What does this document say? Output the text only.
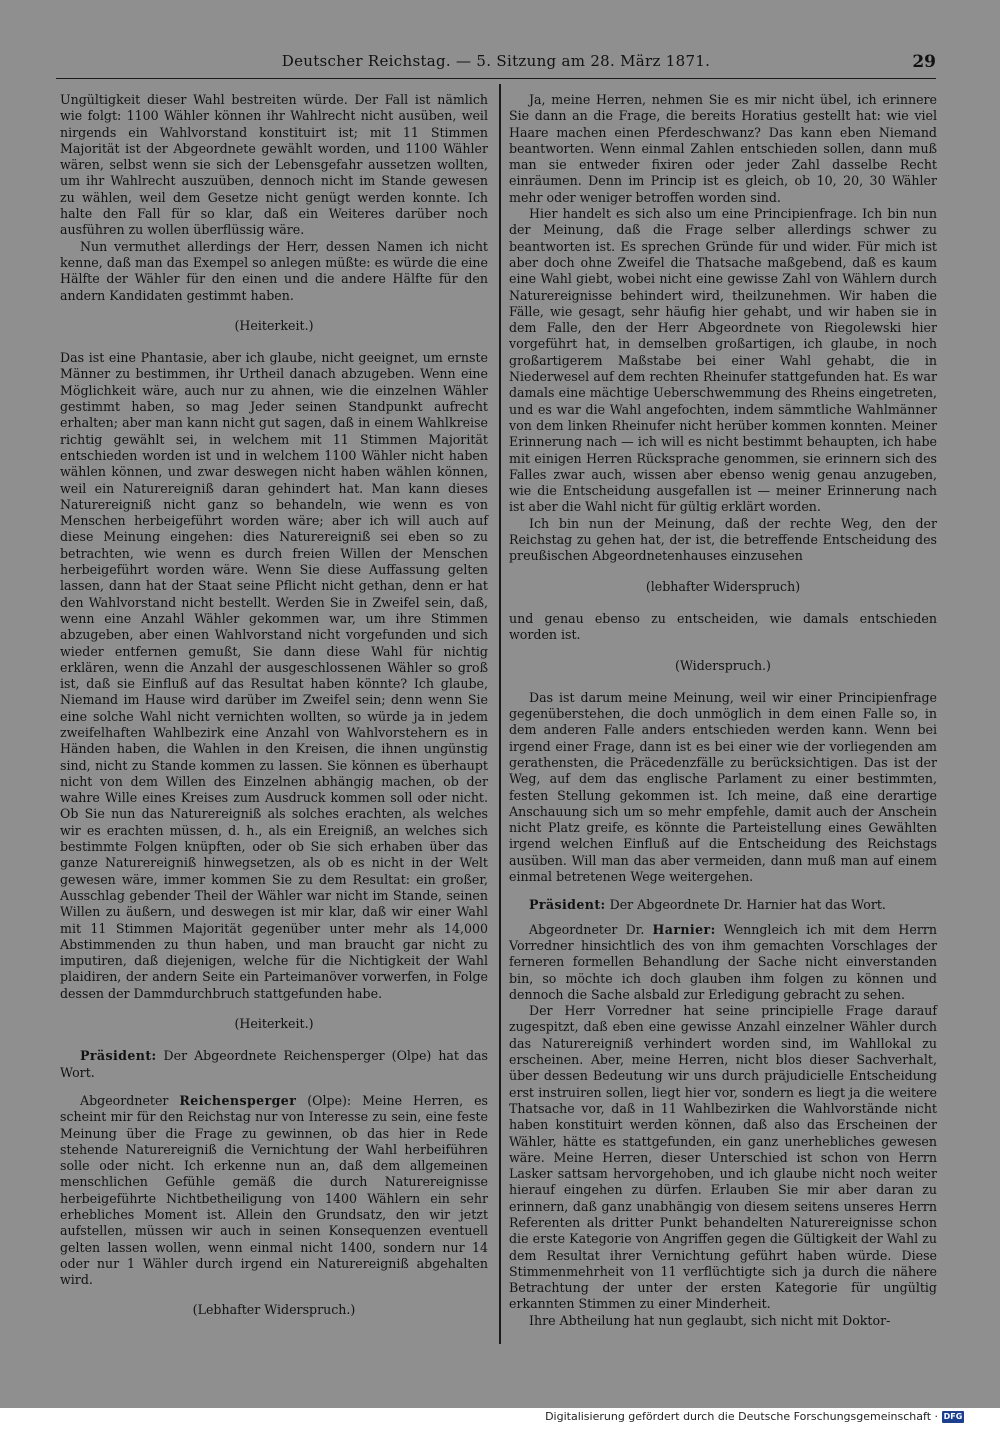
Deutscher Reichstag. — 5. Sitzung am 28. März 1871.	29

Ungültigkeit dieser Wahl bestreiten würde. Der Fall ist nämlich wie folgt: 1100 Wähler können ihr Wahlrecht nicht ausüben, weil nirgends ein Wahlvorstand konstituirt ist; mit 11 Stimmen Majorität ist der Abgeordnete gewählt worden, und 1100 Wähler wären, selbst wenn sie sich der Lebensgefahr aussetzen wollten, um ihr Wahlrecht auszuüben, dennoch nicht im Stande gewesen zu wählen, weil dem Gesetze nicht genügt werden konnte. Ich halte den Fall für so klar, daß ein Weiteres darüber noch ausführen zu wollen überflüssig wäre.

Nun vermuthet allerdings der Herr, dessen Namen ich nicht kenne, daß man das Exempel so anlegen müßte: es würde die eine Hälfte der Wähler für den einen und die andere Hälfte für den andern Kandidaten gestimmt haben.

(Heiterkeit.)

Das ist eine Phantasie, aber ich glaube, nicht geeignet, um ernste Männer zu bestimmen, ihr Urtheil danach abzugeben. Wenn eine Möglichkeit wäre, auch nur zu ahnen, wie die einzelnen Wähler gestimmt haben, so mag Jeder seinen Standpunkt aufrecht erhalten; aber man kann nicht gut sagen, daß in einem Wahlkreise richtig gewählt sei, in welchem mit 11 Stimmen Majorität entschieden worden ist und in welchem 1100 Wähler nicht haben wählen können, und zwar deswegen nicht haben wählen können, weil ein Naturereigniß daran gehindert hat. Man kann dieses Naturereigniß nicht ganz so behandeln, wie wenn es von Menschen herbeigeführt worden wäre; aber ich will auch auf diese Meinung eingehen: dies Naturereigniß sei eben so zu betrachten, wie wenn es durch freien Willen der Menschen herbeigeführt worden wäre. Wenn Sie diese Auffassung gelten lassen, dann hat der Staat seine Pflicht nicht gethan, denn er hat den Wahlvorstand nicht bestellt. Werden Sie in Zweifel sein, daß, wenn eine Anzahl Wähler gekommen war, um ihre Stimmen abzugeben, aber einen Wahlvorstand nicht vorgefunden und sich wieder entfernen gemußt, Sie dann diese Wahl für nichtig erklären, wenn die Anzahl der ausgeschlossenen Wähler so groß ist, daß sie Einfluß auf das Resultat haben könnte? Ich glaube, Niemand im Hause wird darüber im Zweifel sein; denn wenn Sie eine solche Wahl nicht vernichten wollten, so würde ja in jedem zweifelhaften Wahlbezirk eine Anzahl von Wahlvorstehern es in Händen haben, die Wahlen in den Kreisen, die ihnen ungünstig sind, nicht zu Stande kommen zu lassen. Sie können es überhaupt nicht von dem Willen des Einzelnen abhängig machen, ob der wahre Wille eines Kreises zum Ausdruck kommen soll oder nicht. Ob Sie nun das Naturereigniß als solches erachten, als welches wir es erachten müssen, d. h., als ein Ereigniß, an welches sich bestimmte Folgen knüpften, oder ob Sie sich erhaben über das ganze Naturereigniß hinwegsetzen, als ob es nicht in der Welt gewesen wäre, immer kommen Sie zu dem Resultat: ein großer, Ausschlag gebender Theil der Wähler war nicht im Stande, seinen Willen zu äußern, und deswegen ist mir klar, daß wir einer Wahl mit 11 Stimmen Majorität gegenüber unter mehr als 14,000 Abstimmenden zu thun haben, und man braucht gar nicht zu imputiren, daß diejenigen, welche für die Nichtigkeit der Wahl plaidiren, der andern Seite ein Parteimanöver vorwerfen, in Folge dessen der Dammdurchbruch stattgefunden habe.

(Heiterkeit.)

Präsident: Der Abgeordnete Reichensperger (Olpe) hat das Wort.

Abgeordneter Reichensperger (Olpe): Meine Herren, es scheint mir für den Reichstag nur von Interesse zu sein, eine feste Meinung über die Frage zu gewinnen, ob das hier in Rede stehende Naturereigniß die Vernichtung der Wahl herbeiführen solle oder nicht. Ich erkenne nun an, daß dem allgemeinen menschlichen Gefühle gemäß die durch Naturereignisse herbeigeführte Nichtbetheiligung von 1400 Wählern ein sehr erhebliches Moment ist. Allein den Grundsatz, den wir jetzt aufstellen, müssen wir auch in seinen Konsequenzen eventuell gelten lassen wollen, wenn einmal nicht 1400, sondern nur 14 oder nur 1 Wähler durch irgend ein Naturereigniß abgehalten wird.

(Lebhafter Widerspruch.)

Ja, meine Herren, nehmen Sie es mir nicht übel, ich erinnere Sie dann an die Frage, die bereits Horatius gestellt hat: wie viel Haare machen einen Pferdeschwanz? Das kann eben Niemand beantworten. Wenn einmal Zahlen entschieden sollen, dann muß man sie entweder fixiren oder jeder Zahl dasselbe Recht einräumen. Denn im Princip ist es gleich, ob 10, 20, 30 Wähler mehr oder weniger betroffen worden sind.

Hier handelt es sich also um eine Principienfrage. Ich bin nun der Meinung, daß die Frage selber allerdings schwer zu beantworten ist. Es sprechen Gründe für und wider. Für mich ist aber doch ohne Zweifel die Thatsache maßgebend, daß es kaum eine Wahl giebt, wobei nicht eine gewisse Zahl von Wählern durch Naturereignisse behindert wird, theilzunehmen. Wir haben die Fälle, wie gesagt, sehr häufig hier gehabt, und wir haben sie in dem Falle, den der Herr Abgeordnete von Riegolewski hier vorgeführt hat, in demselben großartigen, ich glaube, in noch großartigerem Maßstabe bei einer Wahl gehabt, die in Niederwesel auf dem rechten Rheinufer stattgefunden hat. Es war damals eine mächtige Ueberschwemmung des Rheins eingetreten, und es war die Wahl angefochten, indem sämmtliche Wahlmänner von dem linken Rheinufer nicht herüber kommen konnten. Meiner Erinnerung nach — ich will es nicht bestimmt behaupten, ich habe mit einigen Herren Rücksprache genommen, sie erinnern sich des Falles zwar auch, wissen aber ebenso wenig genau anzugeben, wie die Entscheidung ausgefallen ist — meiner Erinnerung nach ist aber die Wahl nicht für gültig erklärt worden.

Ich bin nun der Meinung, daß der rechte Weg, den der Reichstag zu gehen hat, der ist, die betreffende Entscheidung des preußischen Abgeordnetenhauses einzusehen

(lebhafter Widerspruch)

und genau ebenso zu entscheiden, wie damals entschieden worden ist.

(Widerspruch.)

Das ist darum meine Meinung, weil wir einer Principienfrage gegenüberstehen, die doch unmöglich in dem einen Falle so, in dem anderen Falle anders entschieden werden kann. Wenn bei irgend einer Frage, dann ist es bei einer wie der vorliegenden am gerathensten, die Präcedenzfälle zu berücksichtigen. Das ist der Weg, auf dem das englische Parlament zu einer bestimmten, festen Stellung gekommen ist. Ich meine, daß eine derartige Anschauung sich um so mehr empfehle, damit auch der Anschein nicht Platz greife, es könnte die Parteistellung eines Gewählten irgend welchen Einfluß auf die Entscheidung des Reichstags ausüben. Will man das aber vermeiden, dann muß man auf einem einmal betretenen Wege weitergehen.

Präsident: Der Abgeordnete Dr. Harnier hat das Wort.

Abgeordneter Dr. Harnier: Wenngleich ich mit dem Herrn Vorredner hinsichtlich des von ihm gemachten Vorschlages der ferneren formellen Behandlung der Sache nicht einverstanden bin, so möchte ich doch glauben ihm folgen zu können und dennoch die Sache alsbald zur Erledigung gebracht zu sehen.

Der Herr Vorredner hat seine principielle Frage darauf zugespitzt, daß eben eine gewisse Anzahl einzelner Wähler durch das Naturereigniß verhindert worden sind, im Wahllokal zu erscheinen. Aber, meine Herren, nicht blos dieser Sachverhalt, über dessen Bedeutung wir uns durch präjudicielle Entscheidung erst instruiren sollen, liegt hier vor, sondern es liegt ja die weitere Thatsache vor, daß in 11 Wahlbezirken die Wahlvorstände nicht haben konstituirt werden können, daß also das Erscheinen der Wähler, hätte es stattgefunden, ein ganz unerhebliches gewesen wäre. Meine Herren, dieser Unterschied ist schon von Herrn Lasker sattsam hervorgehoben, und ich glaube nicht noch weiter hierauf eingehen zu dürfen. Erlauben Sie mir aber daran zu erinnern, daß ganz unabhängig von diesem seitens unseres Herrn Referenten als dritter Punkt behandelten Naturereignisse schon die erste Kategorie von Angriffen gegen die Gültigkeit der Wahl zu dem Resultat ihrer Vernichtung geführt haben würde. Diese Stimmenmehrheit von 11 verflüchtigte sich ja durch die nähere Betrachtung der unter der ersten Kategorie für ungültig erkannten Stimmen zu einer Minderheit.

Ihre Abtheilung hat nun geglaubt, sich nicht mit Doktor-

Digitalisierung gefördert durch die Deutsche Forschungsgemeinschaft · DFG
